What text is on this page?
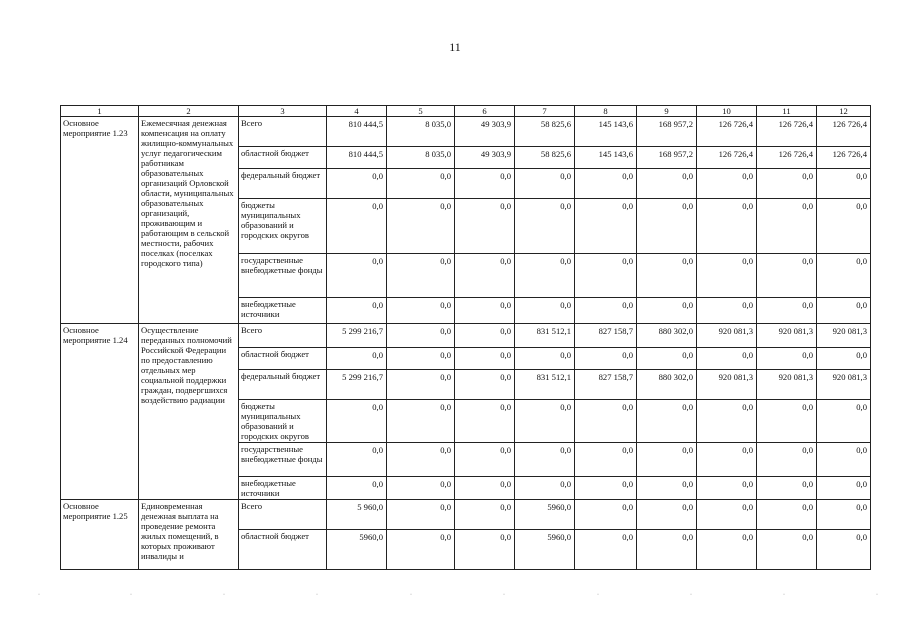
11
1	2	3	4	5	6	7	8	9	10	11	12
Основное мероприятие 1.23	Ежемесячная денежная компенсация на оплату жилищно-коммунальных услуг педагогическим работникам образовательных организаций Орловской области, муниципальных образовательных организаций, проживающим и работающим в сельской местности, рабочих поселках (поселках городского типа)	Всего	810 444,5	8 035,0	49 303,9	58 825,6	145 143,6	168 957,2	126 726,4	126 726,4	126 726,4
		областной бюджет	810 444,5	8 035,0	49 303,9	58 825,6	145 143,6	168 957,2	126 726,4	126 726,4	126 726,4
		федеральный бюджет	0,0	0,0	0,0	0,0	0,0	0,0	0,0	0,0	0,0
		бюджеты муниципальных образований и городских округов	0,0	0,0	0,0	0,0	0,0	0,0	0,0	0,0	0,0
		государственные внебюджетные фонды	0,0	0,0	0,0	0,0	0,0	0,0	0,0	0,0	0,0
		внебюджетные источники	0,0	0,0	0,0	0,0	0,0	0,0	0,0	0,0	0,0
Основное мероприятие 1.24	Осуществление переданных полномочий Российской Федерации по предоставлению отдельных мер социальной поддержки граждан, подвергшихся воздействию радиации	Всего	5 299 216,7	0,0	0,0	831 512,1	827 158,7	880 302,0	920 081,3	920 081,3	920 081,3
		областной бюджет	0,0	0,0	0,0	0,0	0,0	0,0	0,0	0,0	0,0
		федеральный бюджет	5 299 216,7	0,0	0,0	831 512,1	827 158,7	880 302,0	920 081,3	920 081,3	920 081,3
		бюджеты муниципальных образований и городских округов	0,0	0,0	0,0	0,0	0,0	0,0	0,0	0,0	0,0
		государственные внебюджетные фонды	0,0	0,0	0,0	0,0	0,0	0,0	0,0	0,0	0,0
		внебюджетные источники	0,0	0,0	0,0	0,0	0,0	0,0	0,0	0,0	0,0
Основное мероприятие 1.25	Единовременная денежная выплата на проведение ремонта жилых помещений, в которых проживают инвалиды и	Всего	5 960,0	0,0	0,0	5960,0	0,0	0,0	0,0	0,0	0,0
		областной бюджет	5960,0	0,0	0,0	5960,0	0,0	0,0	0,0	0,0	0,0
·	·	·	·	·	·	·	·	·	·
